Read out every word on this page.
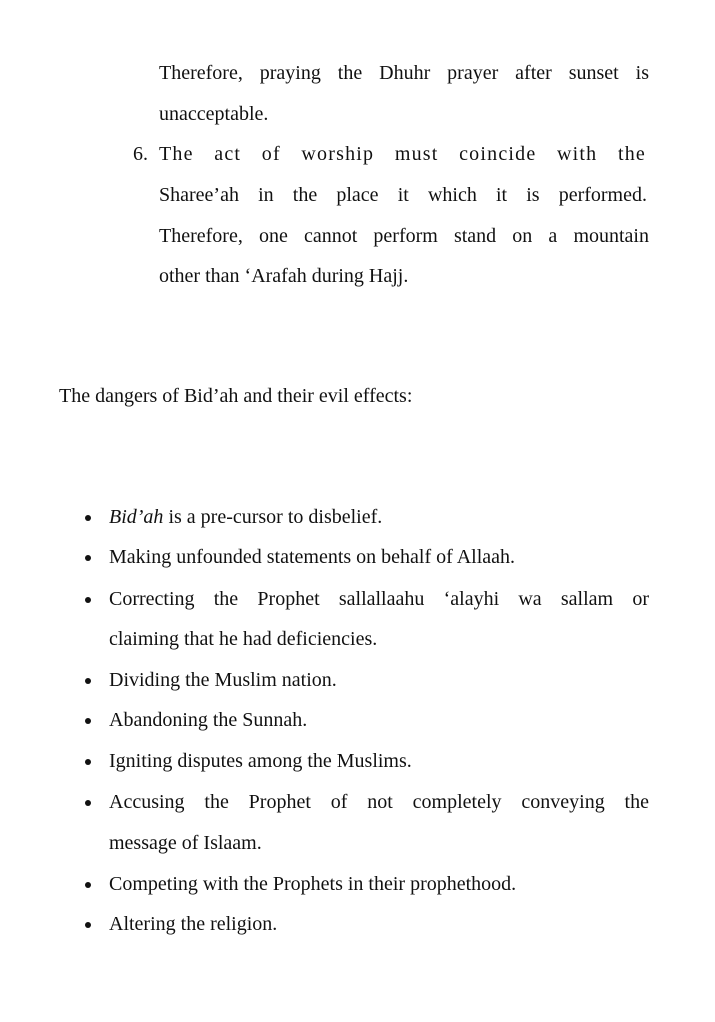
Therefore, praying the Dhuhr prayer after sunset is
unacceptable.
6. The act of worship must coincide with the
Sharee’ah in the place it which it is performed.
Therefore, one cannot perform stand on a mountain
other than ‘Arafah during Hajj.
The dangers of Bid’ah and their evil effects:
Bid’ah is a pre-cursor to disbelief.
Making unfounded statements on behalf of Allaah.
Correcting the Prophet sallallaahu ‘alayhi wa sallam or
claiming that he had deficiencies.
Dividing the Muslim nation.
Abandoning the Sunnah.
Igniting disputes among the Muslims.
Accusing the Prophet of not completely conveying the
message of Islaam.
Competing with the Prophets in their prophethood.
Altering the religion.
